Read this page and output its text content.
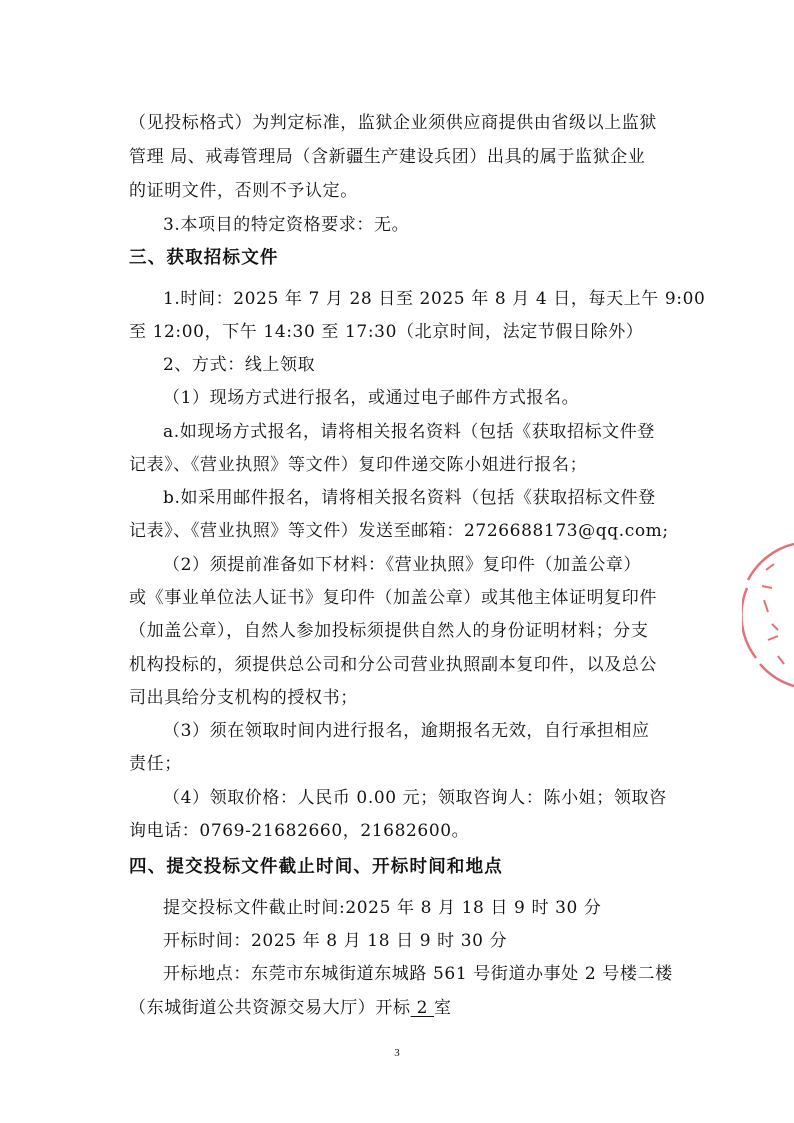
（见投标格式）为判定标准，监狱企业须供应商提供由省级以上监狱
管理 局、戒毒管理局（含新疆生产建设兵团）出具的属于监狱企业
的证明文件，否则不予认定。
3.本项目的特定资格要求：无。
三、获取招标文件
1.时间：2025 年 7 月 28 日至 2025 年 8 月 4 日，每天上午 9:00
至 12:00，下午 14:30 至 17:30（北京时间，法定节假日除外）
2、方式：线上领取
（1）现场方式进行报名，或通过电子邮件方式报名。
a.如现场方式报名，请将相关报名资料（包括《获取招标文件登
记表》、《营业执照》等文件）复印件递交陈小姐进行报名；
b.如采用邮件报名，请将相关报名资料（包括《获取招标文件登
记表》、《营业执照》等文件）发送至邮箱：2726688173@qq.com;
（2）须提前准备如下材料：《营业执照》复印件（加盖公章）
或《事业单位法人证书》复印件（加盖公章）或其他主体证明复印件
（加盖公章），自然人参加投标须提供自然人的身份证明材料；分支
机构投标的，须提供总公司和分公司营业执照副本复印件，以及总公
司出具给分支机构的授权书；
（3）须在领取时间内进行报名，逾期报名无效，自行承担相应
责任；
（4）领取价格：人民币 0.00 元；领取咨询人：陈小姐；领取咨
询电话：0769-21682660，21682600。
四、提交投标文件截止时间、开标时间和地点
提交投标文件截止时间:2025 年 8 月 18 日 9 时 30 分
开标时间：2025 年 8 月 18 日 9 时 30 分
开标地点：东莞市东城街道东城路 561 号街道办事处 2 号楼二楼
（东城街道公共资源交易大厅）开标 2 室
3
